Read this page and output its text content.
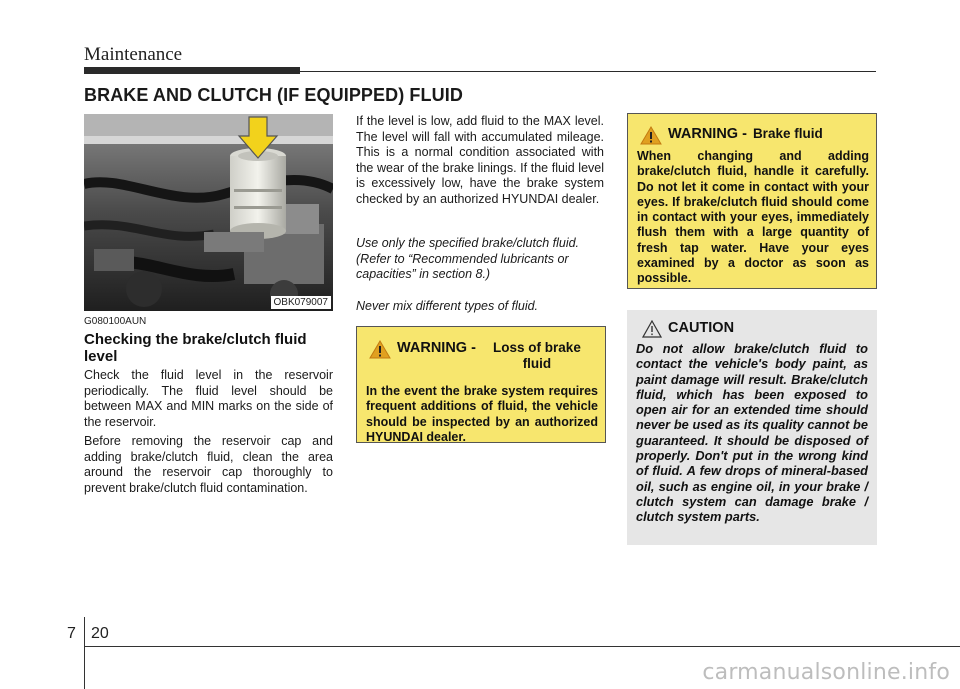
Maintenance
BRAKE AND CLUTCH (IF EQUIPPED) FLUID
OBK079007
G080100AUN
Checking the brake/clutch fluid level

Check the fluid level in the reservoir periodically. The fluid level should be between MAX and MIN marks on the side of the reservoir.

Before removing the reservoir cap and adding brake/clutch fluid, clean the area around the reservoir cap thoroughly to prevent brake/clutch fluid contamination.

If the level is low, add fluid to the MAX level. The level will fall with accumulated mileage. This is a normal condition associated with the wear of the brake linings. If the fluid level is excessively low, have the brake system checked by an authorized HYUNDAI dealer.

Use only the specified brake/clutch fluid. (Refer to “Recommended lubricants or capacities” in section 8.)

Never mix different types of fluid.

WARNING -	Loss of brake fluid

In the event the brake system requires frequent additions of fluid, the vehicle should be inspected by an authorized HYUNDAI dealer.

WARNING - Brake fluid

When changing and adding brake/clutch fluid, handle it carefully. Do not let it come in contact with your eyes. If brake/clutch fluid should come in contact with your eyes, immediately flush them with a large quantity of fresh tap water. Have your eyes examined by a doctor as soon as possible.

CAUTION

Do not allow brake/clutch fluid to contact the vehicle's body paint, as paint damage will result. Brake/clutch fluid, which has been exposed to open air for an extended time should never be used as its quality cannot be guaranteed. It should be disposed of properly. Don't put in the wrong kind of fluid. A few drops of mineral-based oil, such as engine oil, in your brake / clutch system can damage brake / clutch system parts.

7 20
carmanualsonline.info
